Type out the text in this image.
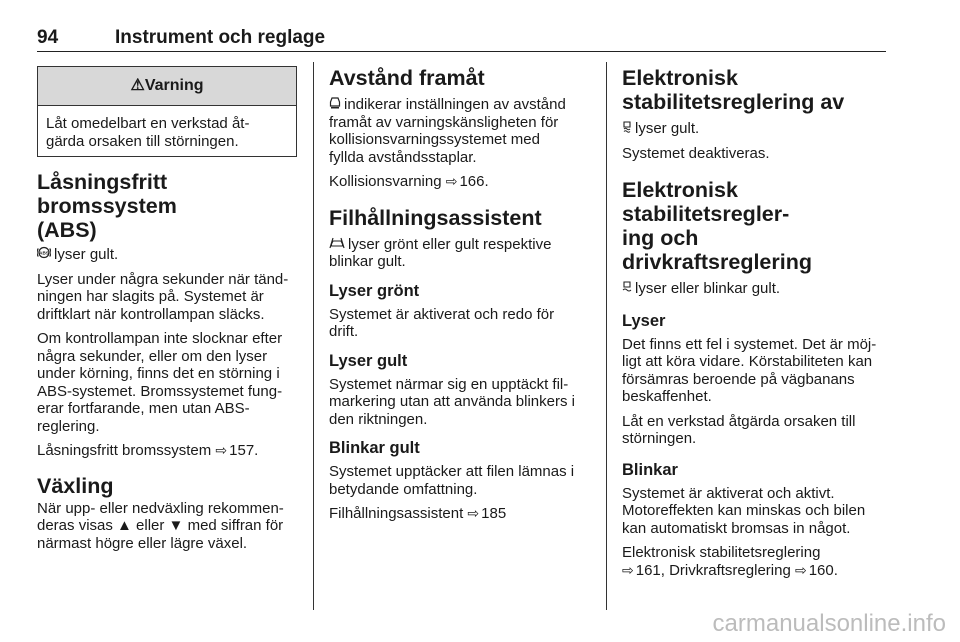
94	Instrument och reglage
⚠Varning
Låt omedelbart en verkstad åt-
gärda orsaken till störningen.
Låsningsfritt bromssystem
(ABS)

ABS lyser gult.

Lyser under några sekunder när tänd-
ningen har slagits på. Systemet är
driftklart när kontrollampan släcks.

Om kontrollampan inte slocknar efter
några sekunder, eller om den lyser
under körning, finns det en störning i
ABS-systemet. Bromssystemet fung-
erar fortfarande, men utan ABS-
reglering.

Låsningsfritt bromssystem ⇨ 157.

Växling

När upp- eller nedväxling rekommen-
deras visas ▲ eller ▼ med siffran för
närmast högre eller lägre växel.

Avstånd framåt

indikerar inställningen av avstånd
framåt av varningskänsligheten för
kollisionsvarningssystemet med
fyllda avståndsstaplar.

Kollisionsvarning ⇨ 166.

Filhållningsassistent

lyser grönt eller gult respektive
blinkar gult.

Lyser grönt

Systemet är aktiverat och redo för
drift.

Lyser gult

Systemet närmar sig en upptäckt fil-
markering utan att använda blinkers i
den riktningen.

Blinkar gult

Systemet upptäcker att filen lämnas i
betydande omfattning.

Filhållningsassistent ⇨ 185

Elektronisk
stabilitetsreglering av

lyser gult.

Systemet deaktiveras.

Elektronisk stabilitetsregler-
ing och drivkraftsreglering

lyser eller blinkar gult.

Lyser

Det finns ett fel i systemet. Det är möj-
ligt att köra vidare. Körstabiliteten kan
försämras beroende på vägbanans
beskaffenhet.

Låt en verkstad åtgärda orsaken till
störningen.

Blinkar

Systemet är aktiverat och aktivt.
Motoreffekten kan minskas och bilen
kan automatiskt bromsas in något.

Elektronisk stabilitetsreglering
⇨ 161, Drivkraftsreglering ⇨ 160.

carmanualsonline.info
